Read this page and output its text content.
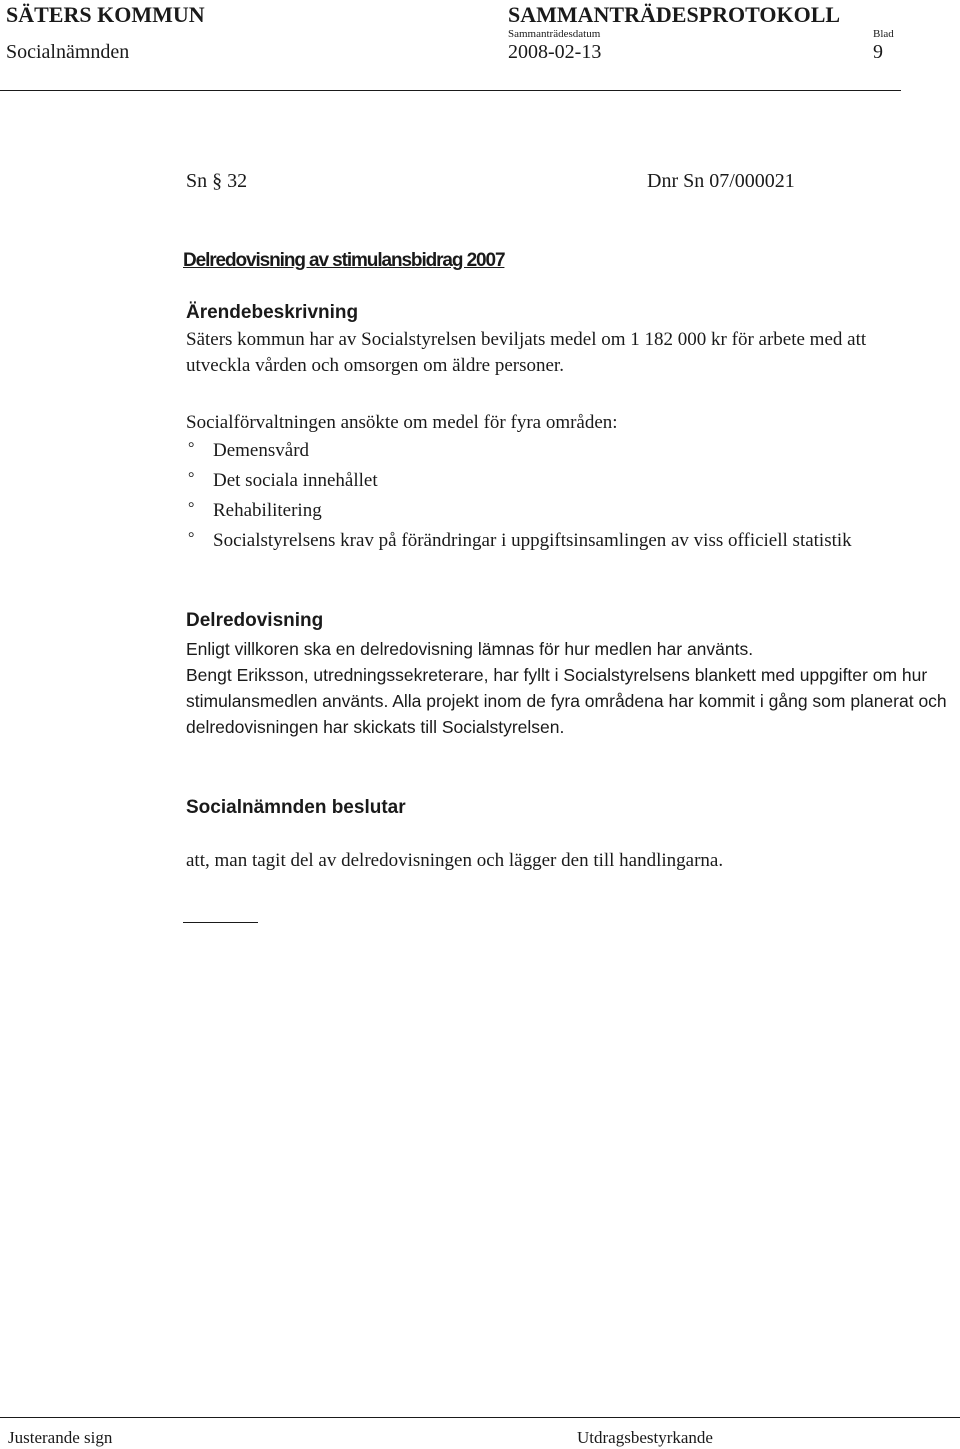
SÄTERS KOMMUN	SAMMANTRÄDESPROTOKOLL
Sammanträdesdatum	Blad
Socialnämnden	2008-02-13	9
Sn § 32	Dnr Sn 07/000021
Delredovisning av stimulansbidrag 2007
Ärendebeskrivning

Säters kommun har av Socialstyrelsen beviljats medel om 1 182 000 kr för arbete med att utveckla vården och omsorgen om äldre personer.

Socialförvaltningen ansökte om medel för fyra områden:
° Demensvård
° Det sociala innehållet
° Rehabilitering
° Socialstyrelsens krav på förändringar i uppgiftsinsamlingen av viss officiell statistik

Delredovisning
Enligt villkoren ska en delredovisning lämnas för hur medlen har använts.

Bengt Eriksson, utredningssekreterare, har fyllt i Socialstyrelsens blankett med uppgifter om hur stimulansmedlen använts. Alla projekt inom de fyra områdena har kommit i gång som planerat och delredovisningen har skickats till Socialstyrelsen.

Socialnämnden beslutar
att, man tagit del av delredovisningen och lägger den till handlingarna.
Justerande sign	Utdragsbestyrkande
